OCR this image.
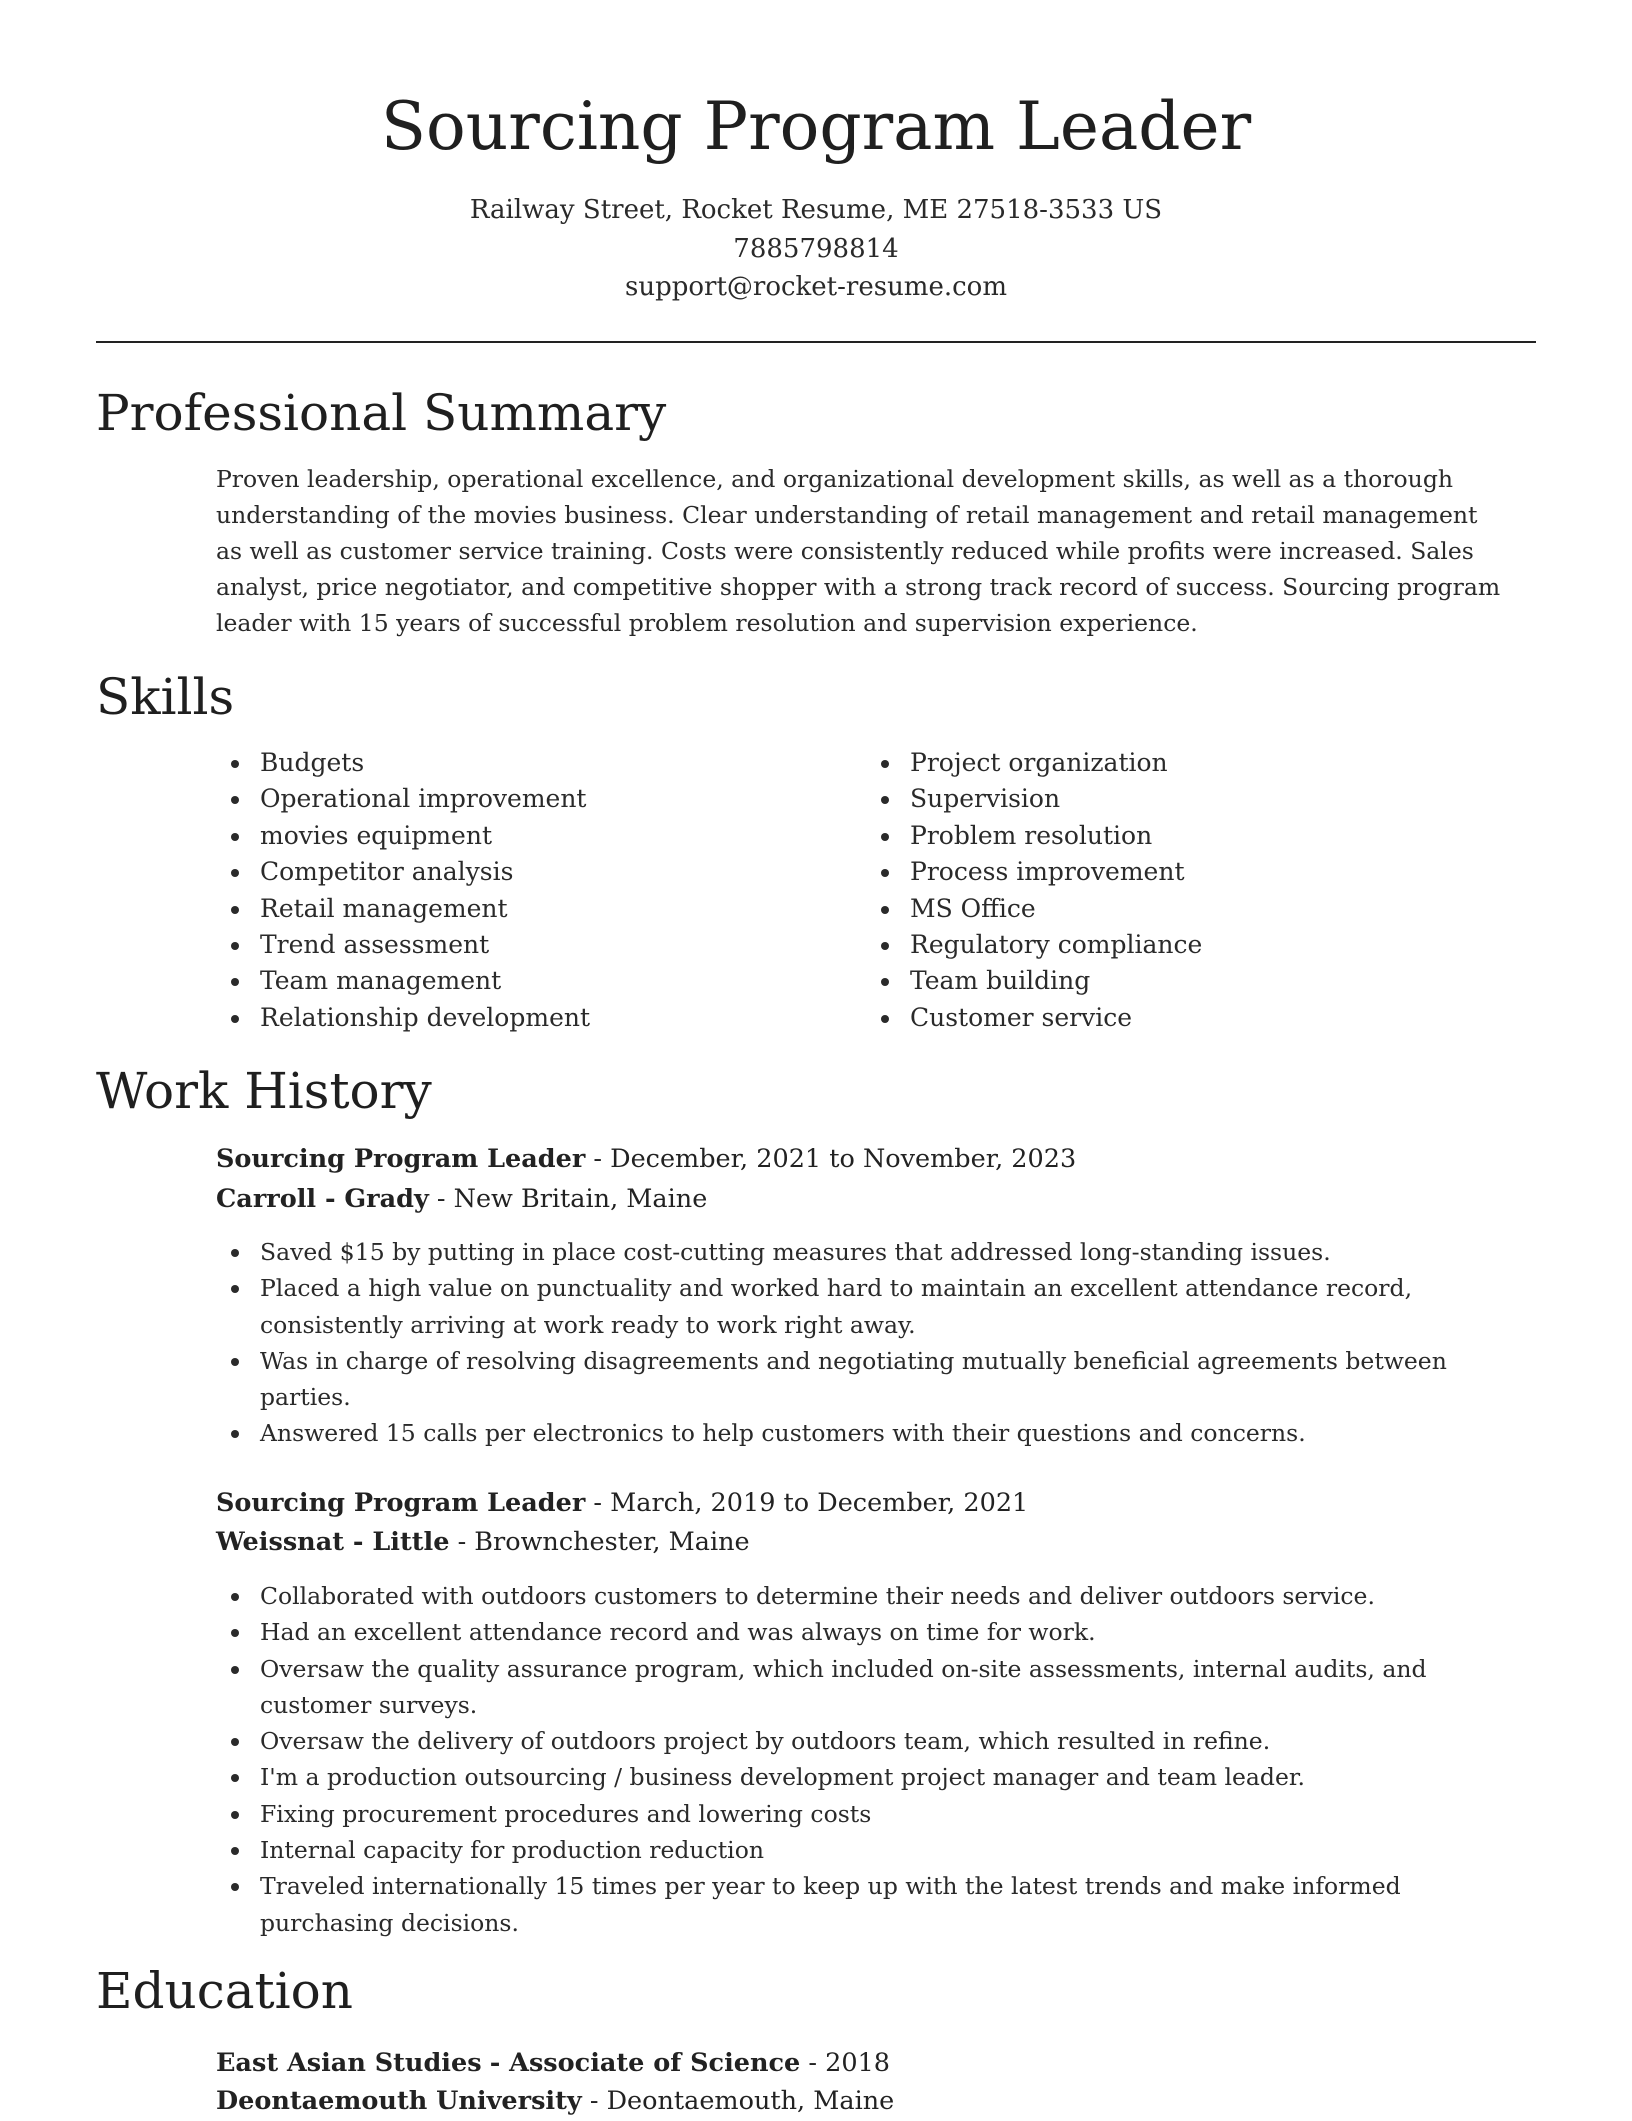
Sourcing Program Leader
Railway Street, Rocket Resume, ME 27518-3533 US
7885798814
support@rocket-resume.com
Professional Summary

Proven leadership, operational excellence, and organizational development skills, as well as a thorough understanding of the movies business. Clear understanding of retail management and retail management as well as customer service training. Costs were consistently reduced while profits were increased. Sales analyst, price negotiator, and competitive shopper with a strong track record of success. Sourcing program leader with 15 years of successful problem resolution and supervision experience.

Skills
Budgets
Operational improvement
movies equipment
Competitor analysis
Retail management
Trend assessment
Team management
Relationship development
Project organization
Supervision
Problem resolution
Process improvement
MS Office
Regulatory compliance
Team building
Customer service
Work History
Sourcing Program Leader - December, 2021 to November, 2023
Carroll - Grady - New Britain, Maine
Saved $15 by putting in place cost-cutting measures that addressed long-standing issues.
Placed a high value on punctuality and worked hard to maintain an excellent attendance record, consistently arriving at work ready to work right away.
Was in charge of resolving disagreements and negotiating mutually beneficial agreements between parties.
Answered 15 calls per electronics to help customers with their questions and concerns.
Sourcing Program Leader - March, 2019 to December, 2021
Weissnat - Little - Brownchester, Maine
Collaborated with outdoors customers to determine their needs and deliver outdoors service.
Had an excellent attendance record and was always on time for work.
Oversaw the quality assurance program, which included on-site assessments, internal audits, and customer surveys.
Oversaw the delivery of outdoors project by outdoors team, which resulted in refine.
I'm a production outsourcing / business development project manager and team leader.
Fixing procurement procedures and lowering costs
Internal capacity for production reduction
Traveled internationally 15 times per year to keep up with the latest trends and make informed purchasing decisions.
Education
East Asian Studies - Associate of Science - 2018
Deontaemouth University - Deontaemouth, Maine
